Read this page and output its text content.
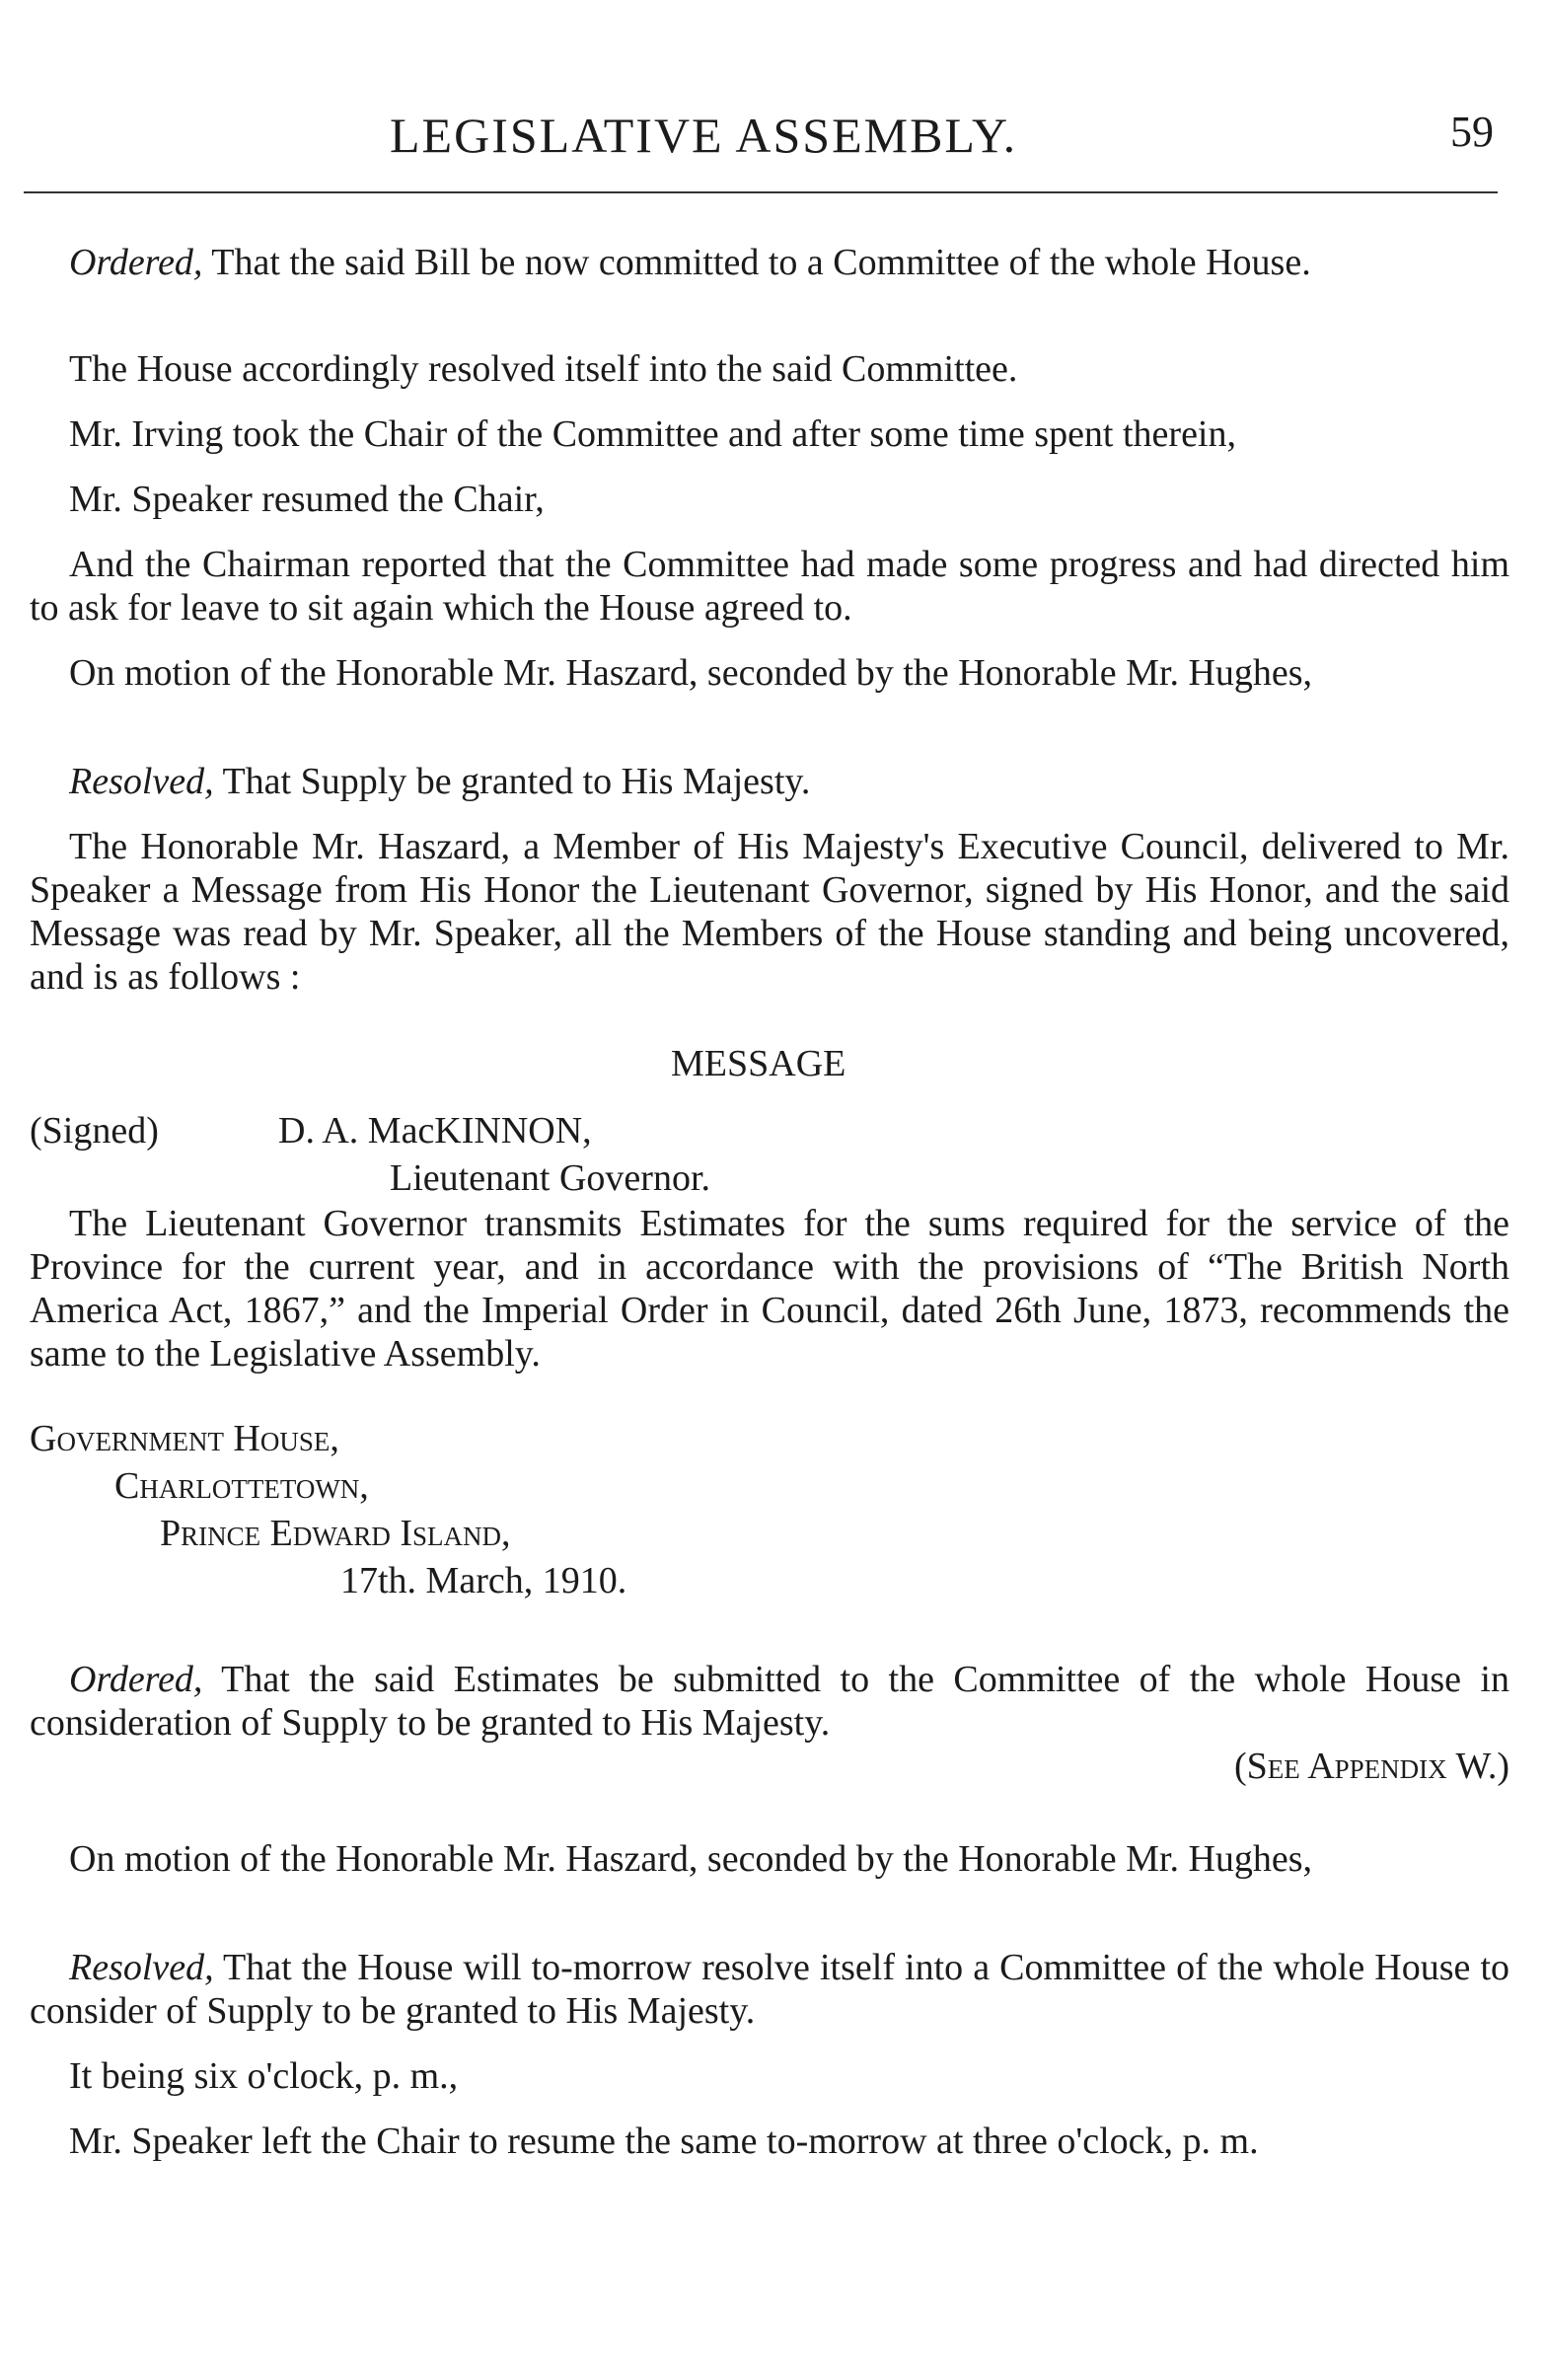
LEGISLATIVE ASSEMBLY.	59

Ordered, That the said Bill be now committed to a Committee of the whole House.

The House accordingly resolved itself into the said Committee.

Mr. Irving took the Chair of the Committee and after some time spent therein,

Mr. Speaker resumed the Chair,

And the Chairman reported that the Committee had made some progress and had directed him to ask for leave to sit again which the House agreed to.

On motion of the Honorable Mr. Haszard, seconded by the Honorable Mr. Hughes,

Resolved, That Supply be granted to His Majesty.

The Honorable Mr. Haszard, a Member of His Majesty's Executive Council, delivered to Mr. Speaker a Message from His Honor the Lieutenant Governor, signed by His Honor, and the said Message was read by Mr. Speaker, all the Members of the House standing and being uncovered, and is as follows :

MESSAGE
(Signed)	D. A. MacKINNON,
Lieutenant Governor.

The Lieutenant Governor transmits Estimates for the sums required for the service of the Province for the current year, and in accordance with the provisions of “The British North America Act, 1867,” and the Imperial Order in Council, dated 26th June, 1873, recommends the same to the Legislative Assembly.

Government House,
Charlottetown,
Prince Edward Island,
17th. March, 1910.

Ordered, That the said Estimates be submitted to the Committee of the whole House in consideration of Supply to be granted to His Majesty.

(See Appendix W.)

On motion of the Honorable Mr. Haszard, seconded by the Honorable Mr. Hughes,

Resolved, That the House will to-morrow resolve itself into a Committee of the whole House to consider of Supply to be granted to His Majesty.

It being six o'clock, p. m.,

Mr. Speaker left the Chair to resume the same to-morrow at three o'clock, p. m.
